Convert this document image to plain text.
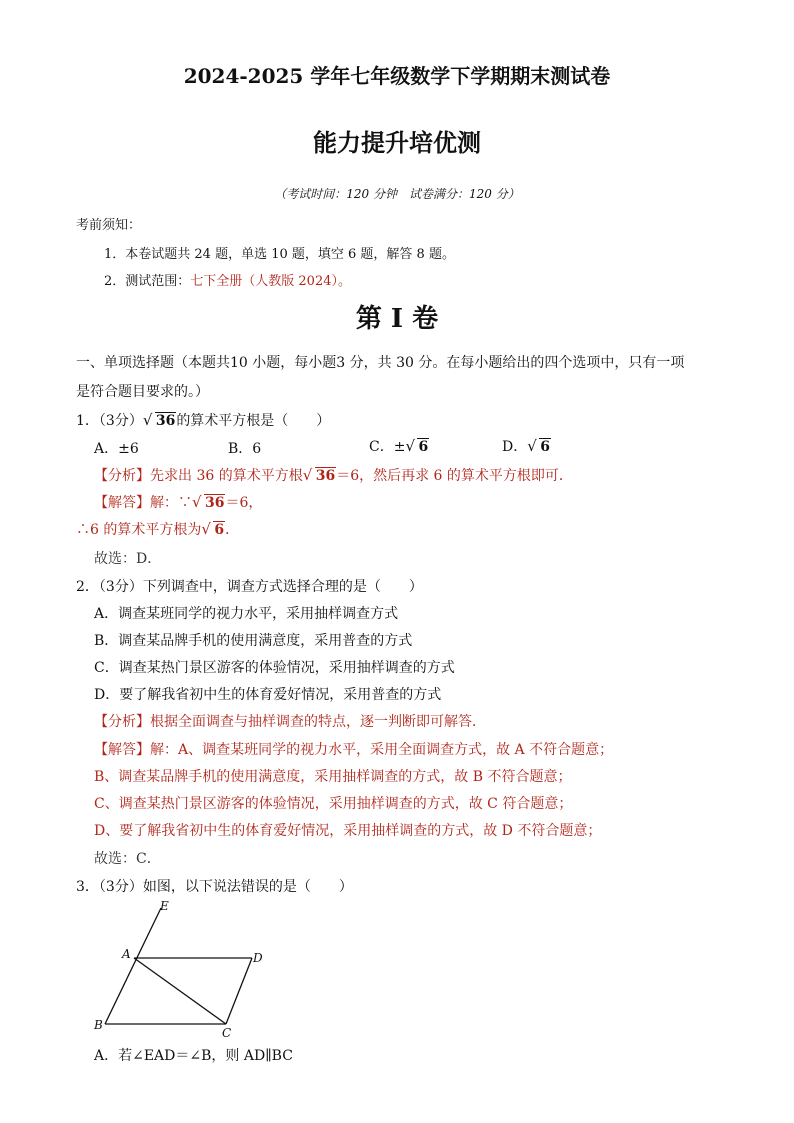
2024-2025 学年七年级数学下学期期末测试卷
能力提升培优测
（考试时间：120 分钟　试卷满分：120 分）
考前须知：
1．本卷试题共 24 题，单选 10 题，填空 6 题，解答 8 题。
2．测试范围：七下全册（人教版 2024）。
第 I 卷
一、单项选择题（本题共10 小题，每小题3 分，共 30 分。在每小题给出的四个选项中，只有一项
是符合题目要求的。）
1．（3分） √ 36的算术平方根是（　　）
A．±6	B．6	C．± √ 6	D． √ 6
【分析】先求出 36 的算术平方根 √ 36＝6，然后再求 6 的算术平方根即可．
【解答】解：∵ √ 36＝6，
∴6 的算术平方根为 √ 6．
故选：D．
2．（3分）下列调查中，调查方式选择合理的是（　　）
A．调查某班同学的视力水平，采用抽样调查方式
B．调查某品牌手机的使用满意度，采用普查的方式
C．调查某热门景区游客的体验情况，采用抽样调查的方式
D．要了解我省初中生的体育爱好情况，采用普查的方式
【分析】根据全面调查与抽样调查的特点，逐一判断即可解答．
【解答】解：A、调查某班同学的视力水平，采用全面调查方式，故 A 不符合题意；
B、调查某品牌手机的使用满意度，采用抽样调查的方式，故 B 不符合题意；
C、调查某热门景区游客的体验情况，采用抽样调查的方式，故 C 符合题意；
D、要了解我省初中生的体育爱好情况，采用抽样调查的方式，故 D 不符合题意；
故选：C．
3．（3分）如图，以下说法错误的是（　　）
E
A	D
B
C
A．若∠EAD＝∠B，则 AD∥BC
